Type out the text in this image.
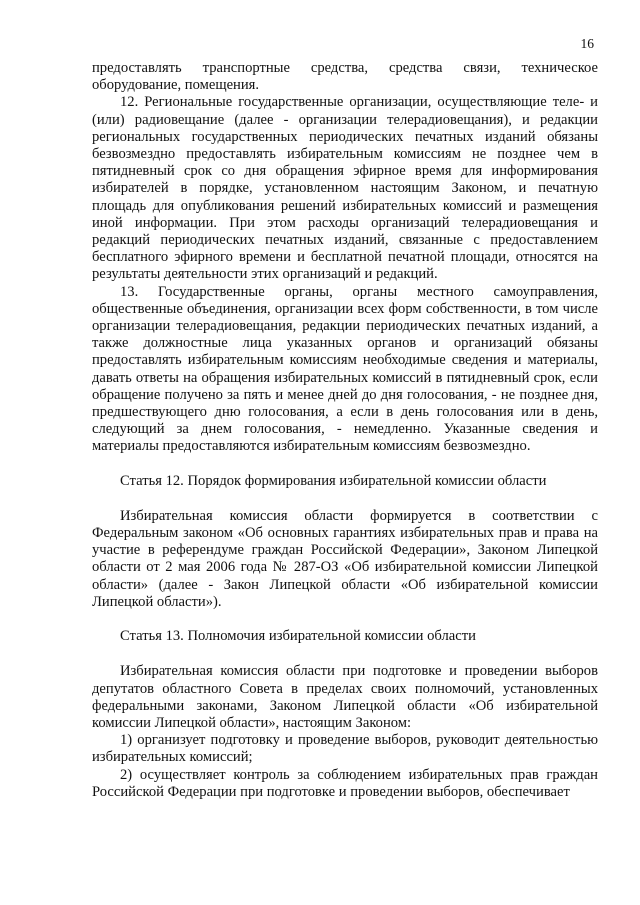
16

предоставлять транспортные средства, средства связи, техническое оборудование, помещения.

12. Региональные государственные организации, осуществляющие теле- и (или) радиовещание (далее - организации телерадиовещания), и редакции региональных государственных периодических печатных изданий обязаны безвозмездно предоставлять избирательным комиссиям не позднее чем в пятидневный срок со дня обращения эфирное время для информирования избирателей в порядке, установленном настоящим Законом, и печатную площадь для опубликования решений избирательных комиссий и размещения иной информации. При этом расходы организаций телерадиовещания и редакций периодических печатных изданий, связанные с предоставлением бесплатного эфирного времени и бесплатной печатной площади, относятся на результаты деятельности этих организаций и редакций.

13. Государственные органы, органы местного самоуправления, общественные объединения, организации всех форм собственности, в том числе организации телерадиовещания, редакции периодических печатных изданий, а также должностные лица указанных органов и организаций обязаны предоставлять избирательным комиссиям необходимые сведения и материалы, давать ответы на обращения избирательных комиссий в пятидневный срок, если обращение получено за пять и менее дней до дня голосования, - не позднее дня, предшествующего дню голосования, а если в день голосования или в день, следующий за днем голосования, - немедленно. Указанные сведения и материалы предоставляются избирательным комиссиям безвозмездно.

Статья 12. Порядок формирования избирательной комиссии области

Избирательная комиссия области формируется в соответствии с Федеральным законом «Об основных гарантиях избирательных прав и права на участие в референдуме граждан Российской Федерации», Законом Липецкой области от 2 мая 2006 года № 287-ОЗ «Об избирательной комиссии Липецкой области» (далее - Закон Липецкой области «Об избирательной комиссии Липецкой области»).

Статья 13. Полномочия избирательной комиссии области

Избирательная комиссия области при подготовке и проведении выборов депутатов областного Совета в пределах своих полномочий, установленных федеральными законами, Законом Липецкой области «Об избирательной комиссии Липецкой области», настоящим Законом:

1) организует подготовку и проведение выборов, руководит деятельностью избирательных комиссий;

2) осуществляет контроль за соблюдением избирательных прав граждан Российской Федерации при подготовке и проведении выборов, обеспечивает
